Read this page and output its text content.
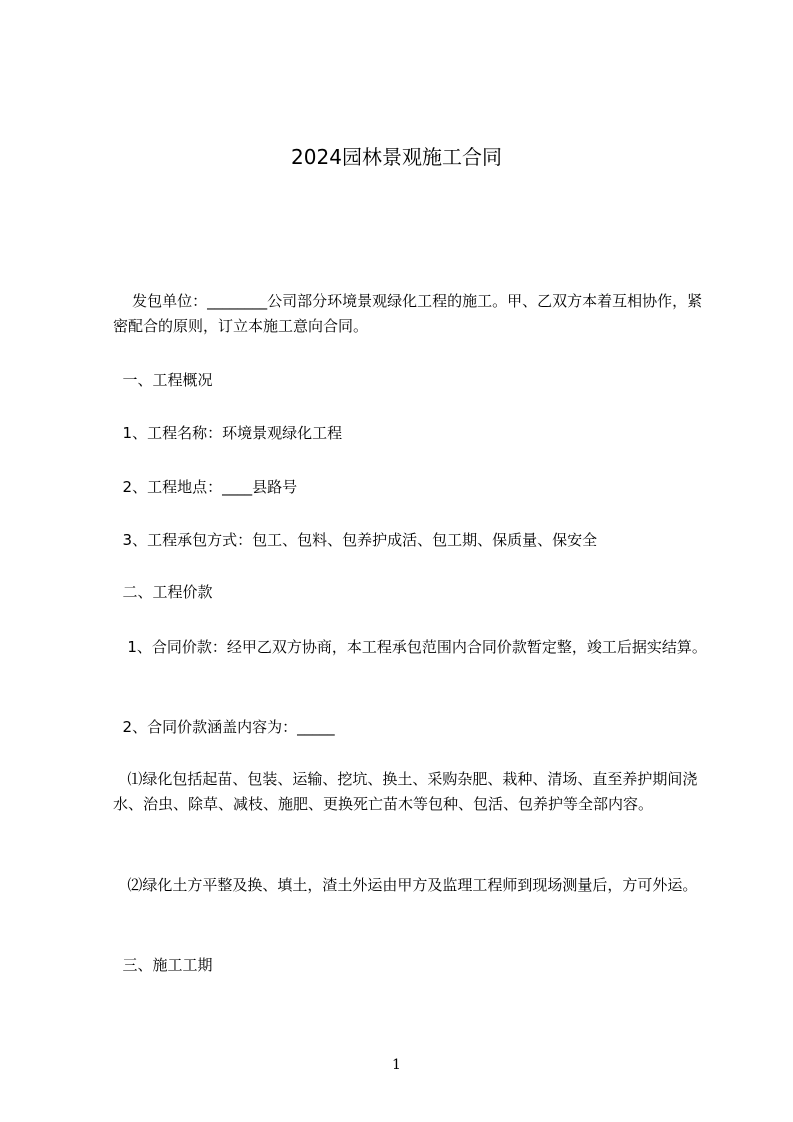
2024园林景观施工合同
发包单位：________公司部分环境景观绿化工程的施工。甲、乙双方本着互相协作，紧密配合的原则，订立本施工意向合同。
一、工程概况
1、工程名称：环境景观绿化工程
2、工程地点：____县路号
3、工程承包方式：包工、包料、包养护成活、包工期、保质量、保安全
二、工程价款
1、合同价款：经甲乙双方协商，本工程承包范围内合同价款暂定整，竣工后据实结算。
2、合同价款涵盖内容为：_____
⑴绿化包括起苗、包装、运输、挖坑、换土、采购杂肥、栽种、清场、直至养护期间浇水、治虫、除草、减枝、施肥、更换死亡苗木等包种、包活、包养护等全部内容。
⑵绿化土方平整及换、填土，渣土外运由甲方及监理工程师到现场测量后，方可外运。
三、施工工期
1
